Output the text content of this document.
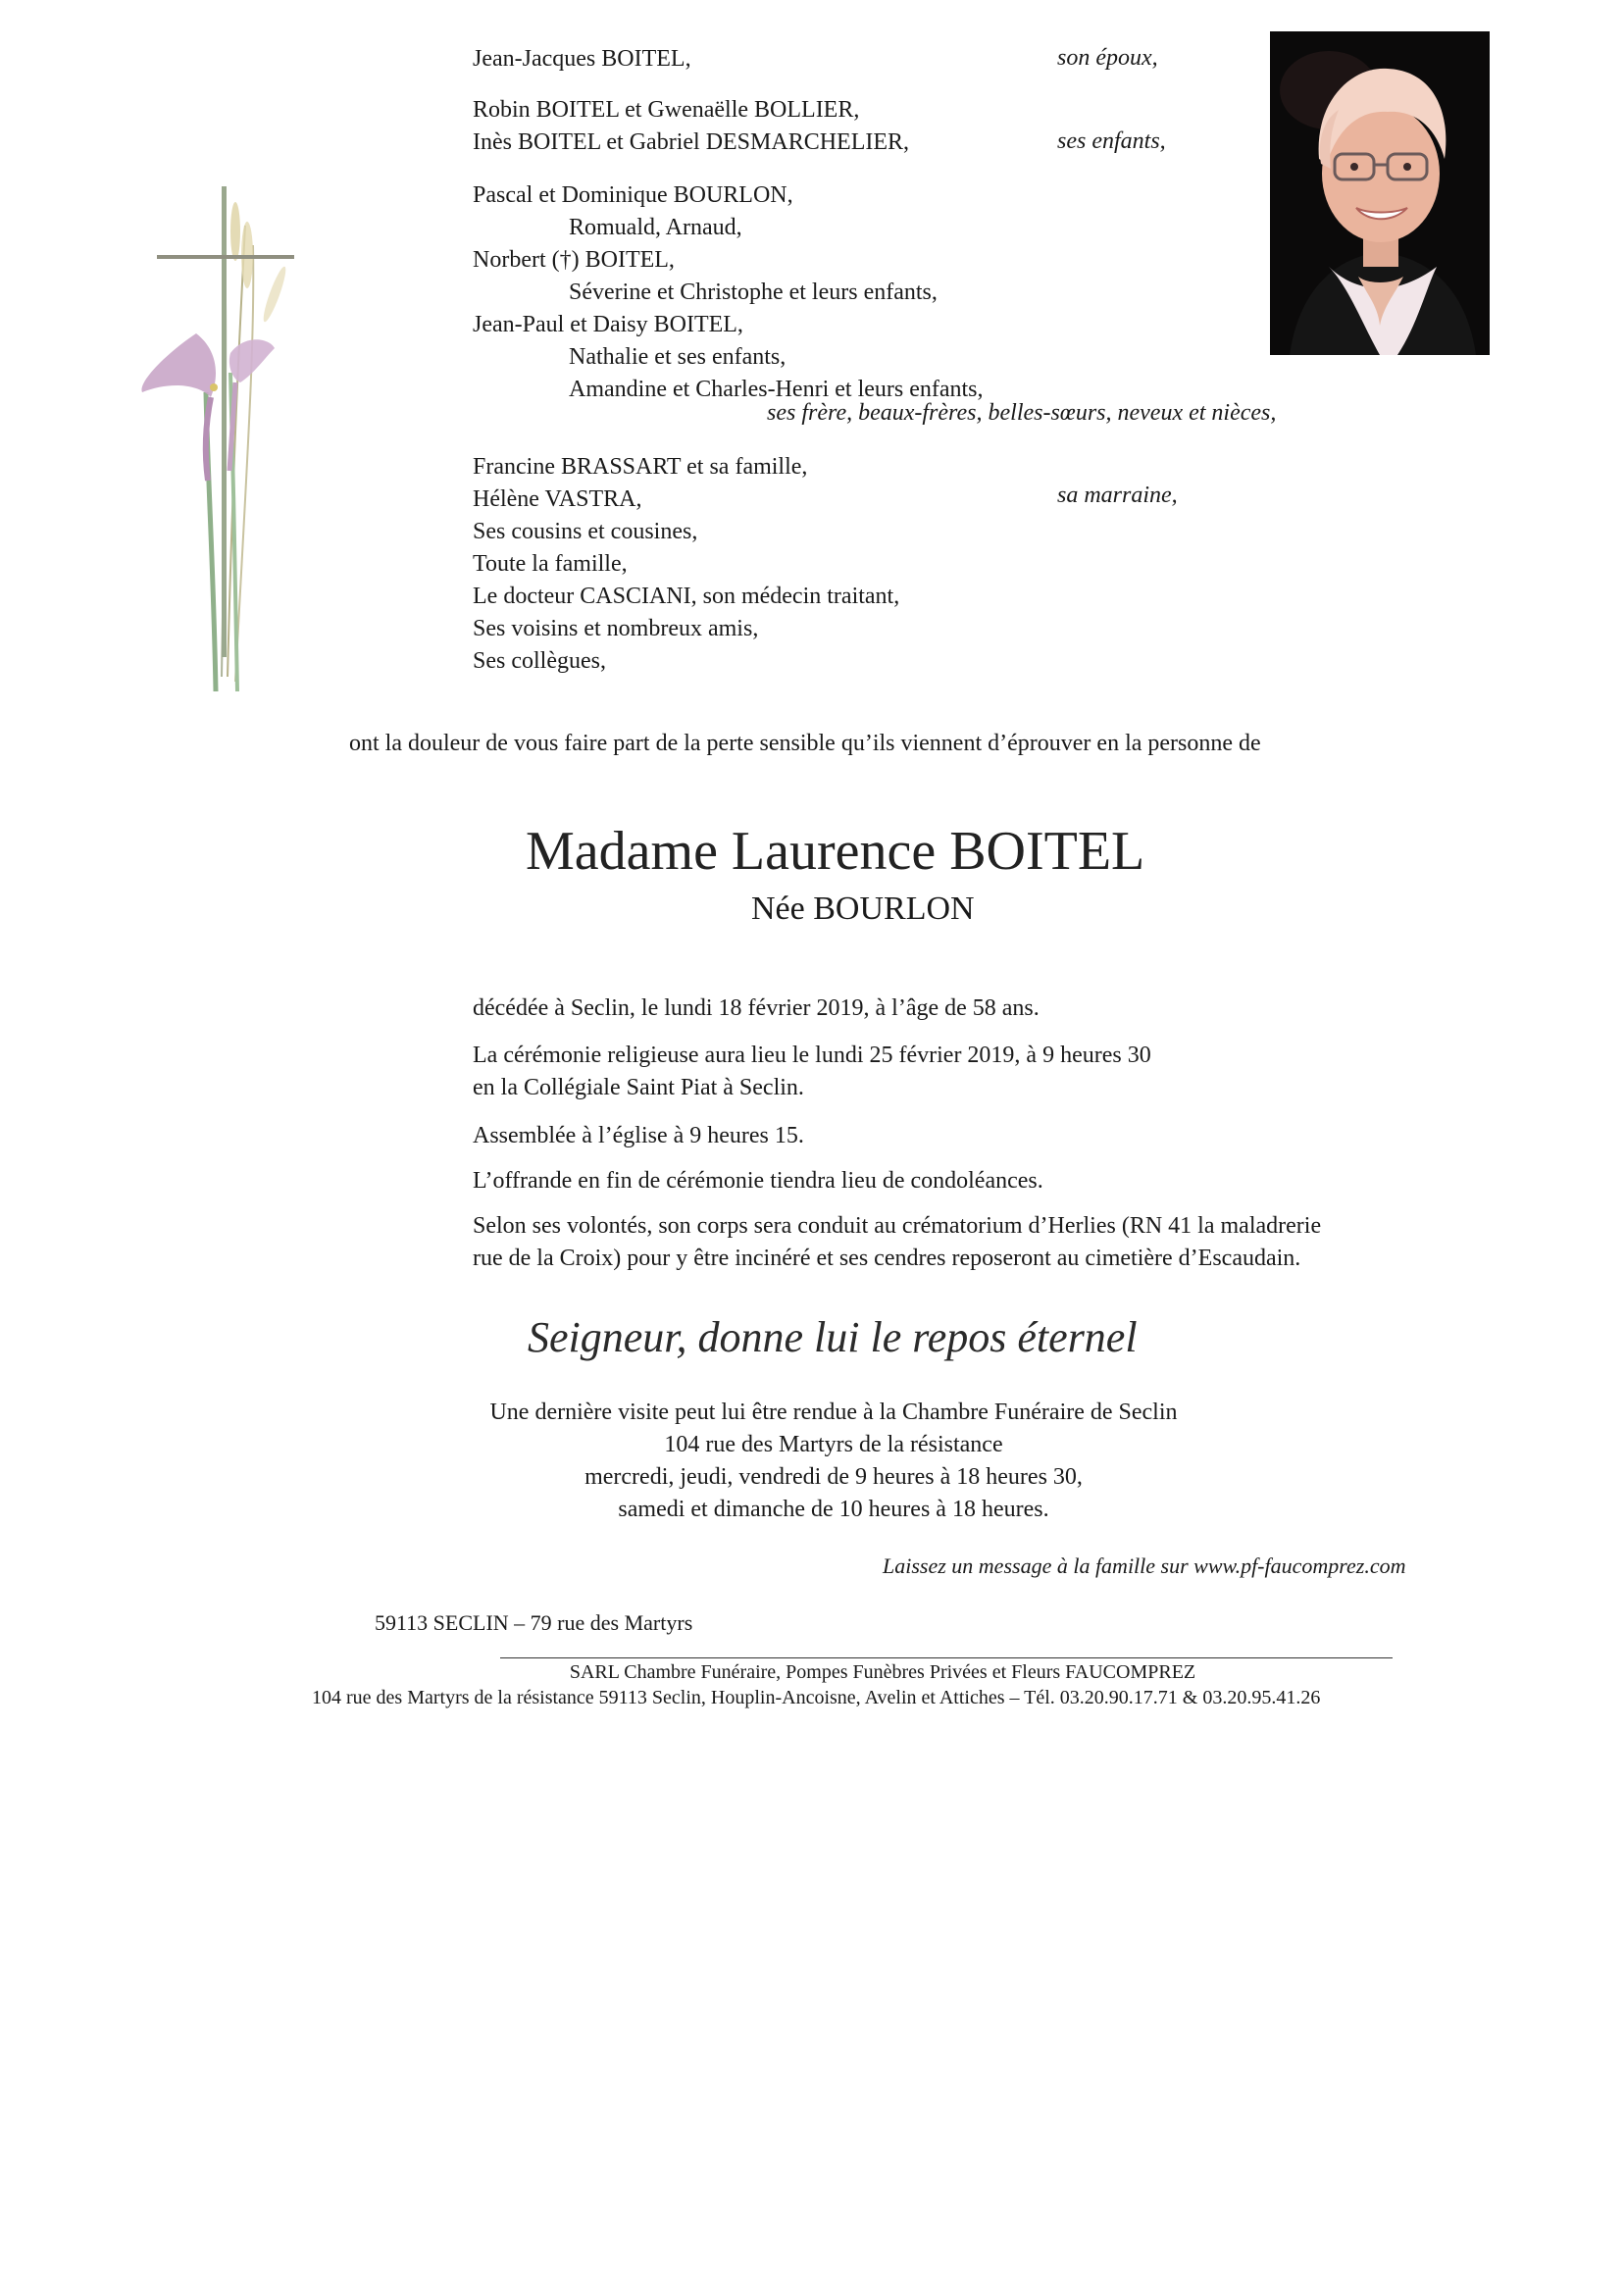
Jean-Jacques BOITEL,	son époux,
Robin BOITEL et Gwenaëlle BOLLIER,
Inès BOITEL et Gabriel DESMARCHELIER,	ses enfants,
Pascal et Dominique BOURLON,
Romuald, Arnaud,
Norbert (†) BOITEL,
Séverine et Christophe et leurs enfants,
Jean-Paul et Daisy BOITEL,
Nathalie et ses enfants,
Amandine et Charles-Henri et leurs enfants,
ses frère, beaux-frères, belles-sœurs, neveux et nièces,
Francine BRASSART et sa famille,
Hélène VASTRA,
Ses cousins et cousines,
Toute la famille,
Le docteur CASCIANI, son médecin traitant,
Ses voisins et nombreux amis,
Ses collègues,
sa marraine,
ont la douleur de vous faire part de la perte sensible qu’ils viennent d’éprouver en la personne de
Madame Laurence BOITEL
Née BOURLON
décédée à Seclin, le lundi 18 février 2019, à l’âge de 58 ans.
La cérémonie religieuse aura lieu le lundi 25 février 2019, à 9 heures 30
en la Collégiale Saint Piat à Seclin.
Assemblée à l’église à 9 heures 15.
L’offrande en fin de cérémonie tiendra lieu de condoléances.
Selon ses volontés, son corps sera conduit au crématorium d’Herlies (RN 41 la maladrerie
rue de la Croix) pour y être incinéré et ses cendres reposeront au cimetière d’Escaudain.
Seigneur, donne lui le repos éternel
Une dernière visite peut lui être rendue à la Chambre Funéraire de Seclin
104 rue des Martyrs de la résistance
mercredi, jeudi, vendredi de 9 heures à 18 heures 30,
samedi et dimanche de 10 heures à 18 heures.
Laissez un message à la famille sur www.pf-faucomprez.com
59113 SECLIN – 79 rue des Martyrs
SARL Chambre Funéraire, Pompes Funèbres Privées et Fleurs FAUCOMPREZ
104 rue des Martyrs de la résistance 59113 Seclin, Houplin-Ancoisne, Avelin et Attiches – Tél. 03.20.90.17.71 & 03.20.95.41.26
